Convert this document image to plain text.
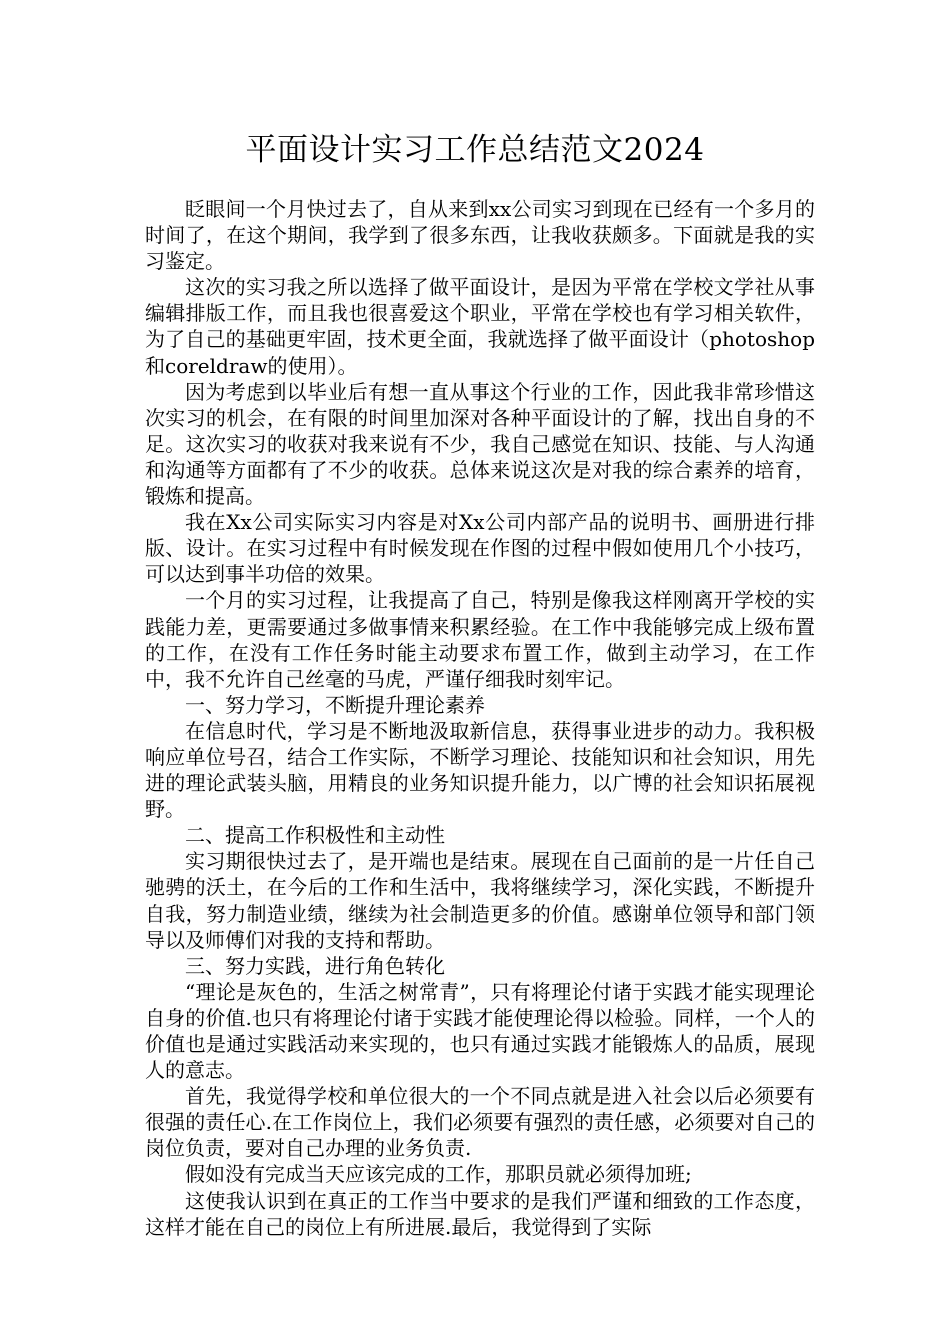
平面设计实习工作总结范文2024

眨眼间一个月快过去了，自从来到xx公司实习到现在已经有一个多月的时间了，在这个期间，我学到了很多东西，让我收获颇多。下面就是我的实习鉴定。

这次的实习我之所以选择了做平面设计，是因为平常在学校文学社从事编辑排版工作，而且我也很喜爱这个职业，平常在学校也有学习相关软件，为了自己的基础更牢固，技术更全面，我就选择了做平面设计（photoshop和coreldraw的使用）。

因为考虑到以毕业后有想一直从事这个行业的工作，因此我非常珍惜这次实习的机会，在有限的时间里加深对各种平面设计的了解，找出自身的不足。这次实习的收获对我来说有不少，我自己感觉在知识、技能、与人沟通和沟通等方面都有了不少的收获。总体来说这次是对我的综合素养的培育，锻炼和提高。

我在Xx公司实际实习内容是对Xx公司内部产品的说明书、画册进行排版、设计。在实习过程中有时候发现在作图的过程中假如使用几个小技巧，可以达到事半功倍的效果。

一个月的实习过程，让我提高了自己，特别是像我这样刚离开学校的实践能力差，更需要通过多做事情来积累经验。在工作中我能够完成上级布置的工作，在没有工作任务时能主动要求布置工作，做到主动学习，在工作中，我不允许自己丝毫的马虎，严谨仔细我时刻牢记。

一、努力学习，不断提升理论素养

在信息时代，学习是不断地汲取新信息，获得事业进步的动力。我积极响应单位号召，结合工作实际，不断学习理论、技能知识和社会知识，用先进的理论武装头脑，用精良的业务知识提升能力，以广博的社会知识拓展视野。

二、提高工作积极性和主动性

实习期很快过去了，是开端也是结束。展现在自己面前的是一片任自己驰骋的沃土，在今后的工作和生活中，我将继续学习，深化实践，不断提升自我，努力制造业绩，继续为社会制造更多的价值。感谢单位领导和部门领导以及师傅们对我的支持和帮助。

三、努力实践，进行角色转化

“理论是灰色的，生活之树常青”，只有将理论付诸于实践才能实现理论自身的价值.也只有将理论付诸于实践才能使理论得以检验。同样，一个人的价值也是通过实践活动来实现的，也只有通过实践才能锻炼人的品质，展现人的意志。

首先，我觉得学校和单位很大的一个不同点就是进入社会以后必须要有很强的责任心.在工作岗位上，我们必须要有强烈的责任感，必须要对自己的岗位负责，要对自己办理的业务负责.

假如没有完成当天应该完成的工作，那职员就必须得加班;

这使我认识到在真正的工作当中要求的是我们严谨和细致的工作态度，这样才能在自己的岗位上有所进展.最后，我觉得到了实际
